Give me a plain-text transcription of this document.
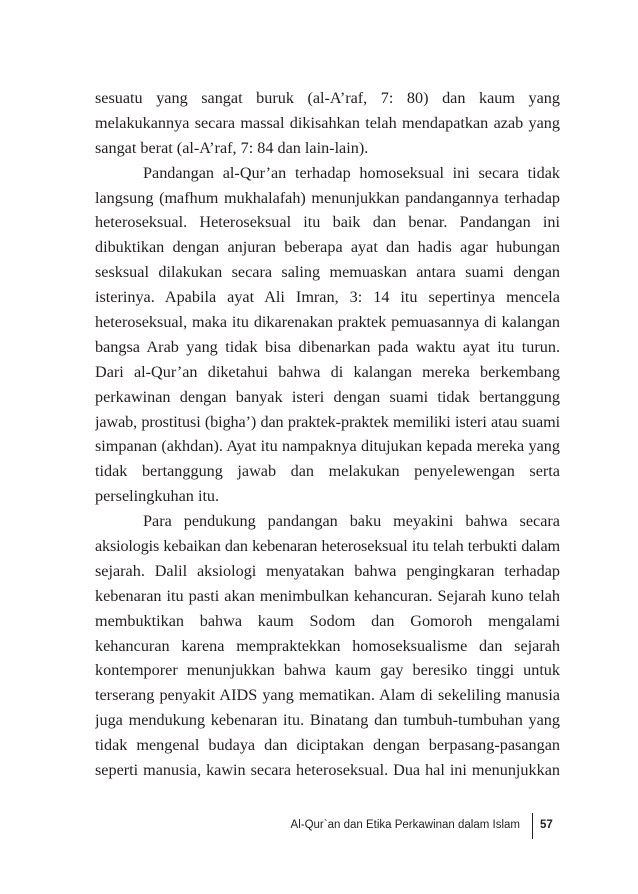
sesuatu yang sangat buruk (al-A’raf, 7: 80) dan kaum yang
melakukannya secara massal dikisahkan telah mendapatkan azab yang
sangat berat (al-A’raf, 7: 84 dan lain-lain).
Pandangan al-Qur’an terhadap homoseksual ini secara tidak
langsung (mafhum mukhalafah) menunjukkan pandangannya terhadap
heteroseksual. Heteroseksual itu baik dan benar. Pandangan ini
dibuktikan dengan anjuran beberapa ayat dan hadis agar hubungan
sesksual dilakukan secara saling memuaskan antara suami dengan
isterinya. Apabila ayat Ali Imran, 3: 14 itu sepertinya mencela
heteroseksual, maka itu dikarenakan praktek pemuasannya di kalangan
bangsa Arab yang tidak bisa dibenarkan pada waktu ayat itu turun.
Dari al-Qur’an diketahui bahwa di kalangan mereka berkembang
perkawinan dengan banyak isteri dengan suami tidak bertanggung
jawab, prostitusi (bigha’) dan praktek-praktek memiliki isteri atau suami
simpanan (akhdan). Ayat itu nampaknya ditujukan kepada mereka yang
tidak bertanggung jawab dan melakukan penyelewengan serta
perselingkuhan itu.
Para pendukung pandangan baku meyakini bahwa secara
aksiologis kebaikan dan kebenaran heteroseksual itu telah terbukti dalam
sejarah. Dalil aksiologi menyatakan bahwa pengingkaran terhadap
kebenaran itu pasti akan menimbulkan kehancuran. Sejarah kuno telah
membuktikan bahwa kaum Sodom dan Gomoroh mengalami
kehancuran karena mempraktekkan homoseksualisme dan sejarah
kontemporer menunjukkan bahwa kaum gay beresiko tinggi untuk
terserang penyakit AIDS yang mematikan. Alam di sekeliling manusia
juga mendukung kebenaran itu. Binatang dan tumbuh-tumbuhan yang
tidak mengenal budaya dan diciptakan dengan berpasang-pasangan
seperti manusia, kawin secara heteroseksual. Dua hal ini menunjukkan
Al-Qur`an dan Etika Perkawinan dalam Islam 57
